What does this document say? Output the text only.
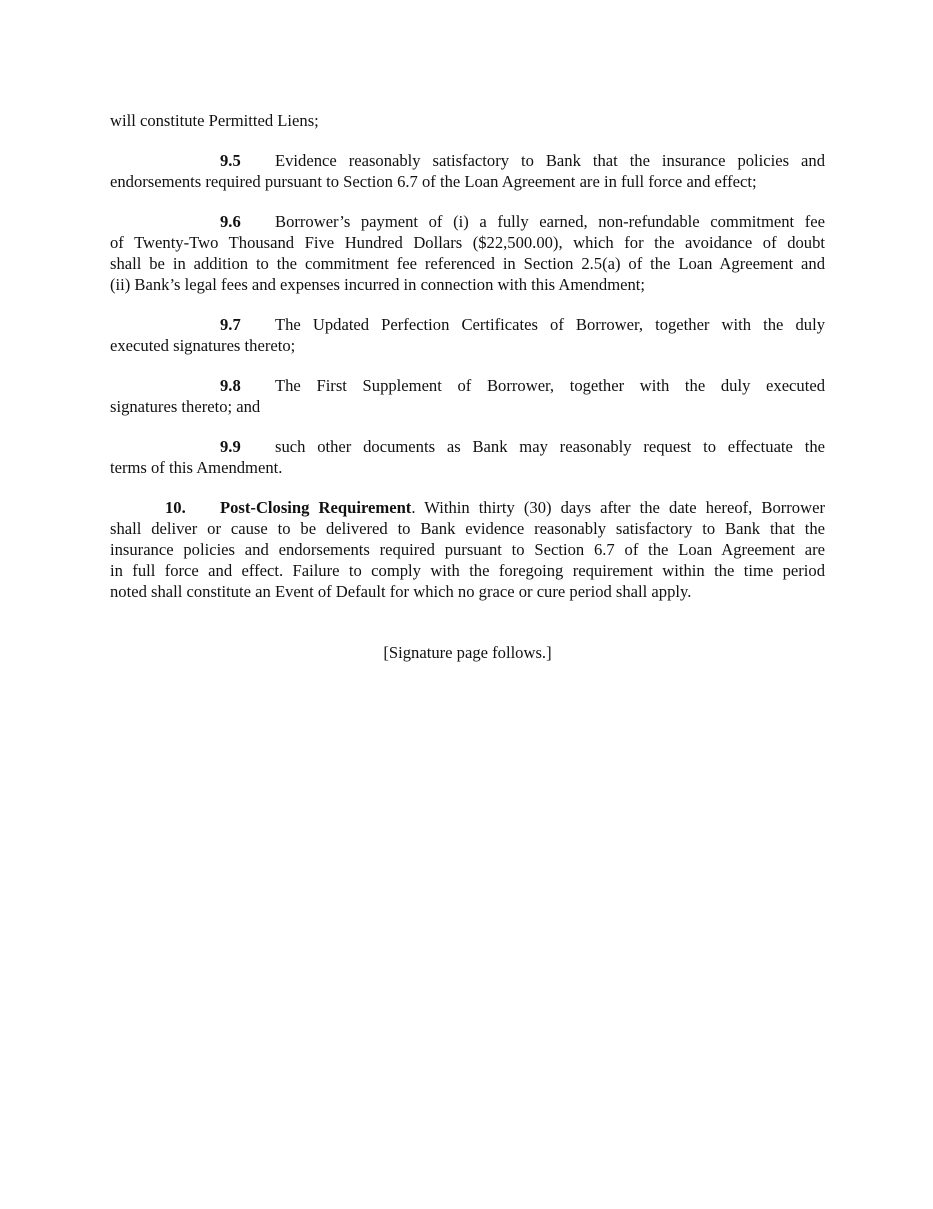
will constitute Permitted Liens;

9.5 Evidence reasonably satisfactory to Bank that the insurance policies and
endorsements required pursuant to Section 6.7 of the Loan Agreement are in full force and effect;
9.6 Borrower’s payment of (i) a fully earned, non-refundable commitment fee
of Twenty-Two Thousand Five Hundred Dollars ($22,500.00), which for the avoidance of doubt
shall be in addition to the commitment fee referenced in Section 2.5(a) of the Loan Agreement and
(ii) Bank’s legal fees and expenses incurred in connection with this Amendment;
9.7 The Updated Perfection Certificates of Borrower, together with the duly
executed signatures thereto;
9.8 The First Supplement of Borrower, together with the duly executed
signatures thereto; and
9.9 such other documents as Bank may reasonably request to effectuate the
terms of this Amendment.
10. Post-Closing Requirement. Within thirty (30) days after the date hereof, Borrower
shall deliver or cause to be delivered to Bank evidence reasonably satisfactory to Bank that the
insurance policies and endorsements required pursuant to Section 6.7 of the Loan Agreement are
in full force and effect. Failure to comply with the foregoing requirement within the time period
noted shall constitute an Event of Default for which no grace or cure period shall apply.

[Signature page follows.]
